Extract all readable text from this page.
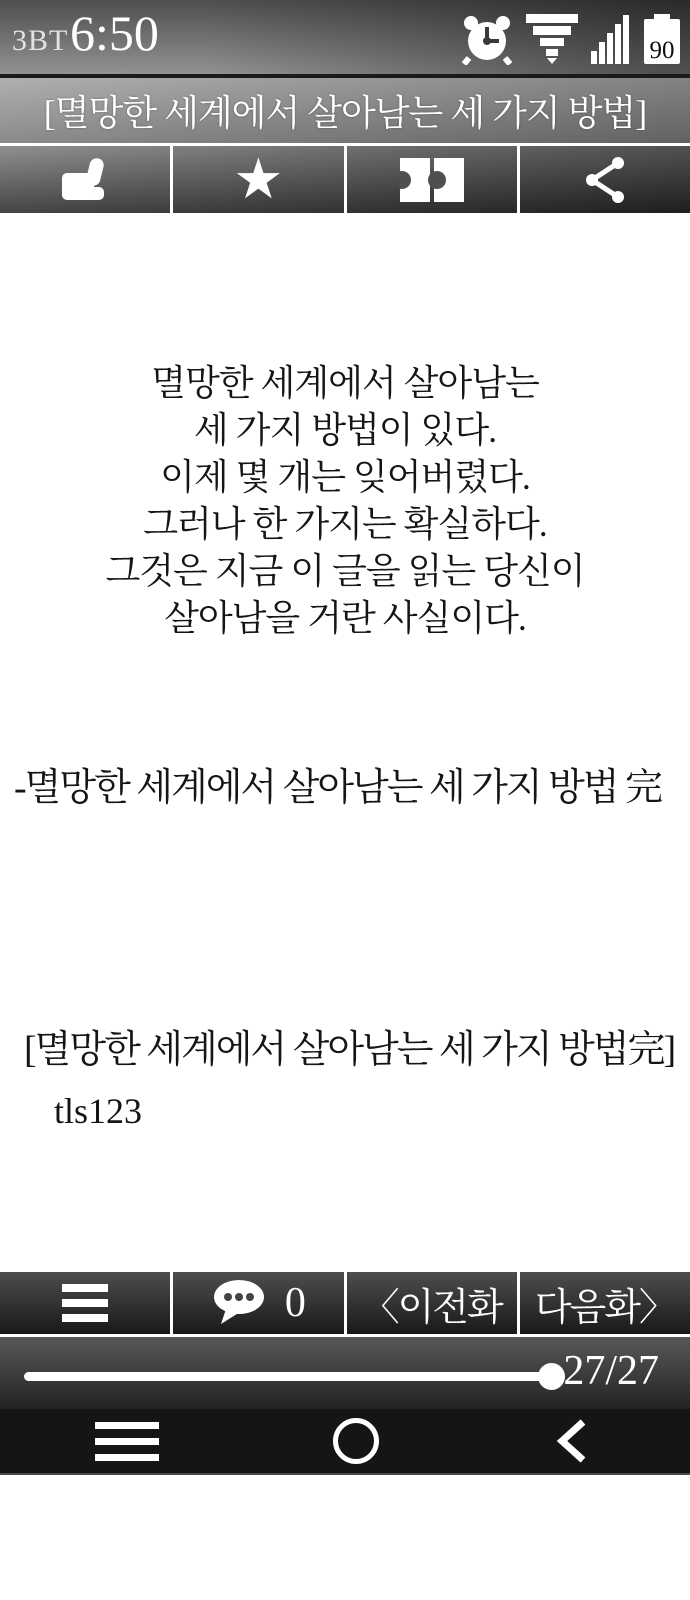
3BT 6:50	90
[멸망한 세계에서 살아남는 세 가지 방법]
★
멸망한 세계에서 살아남는
세 가지 방법이 있다.
이제 몇 개는 잊어버렸다.
그러나 한 가지는 확실하다.
그것은 지금 이 글을 읽는 당신이
살아남을 거란 사실이다.
-멸망한 세계에서 살아남는 세 가지 방법 完
[멸망한 세계에서 살아남는 세 가지 방법完]
tls123
0 〈이전화 다음화〉
27/27
